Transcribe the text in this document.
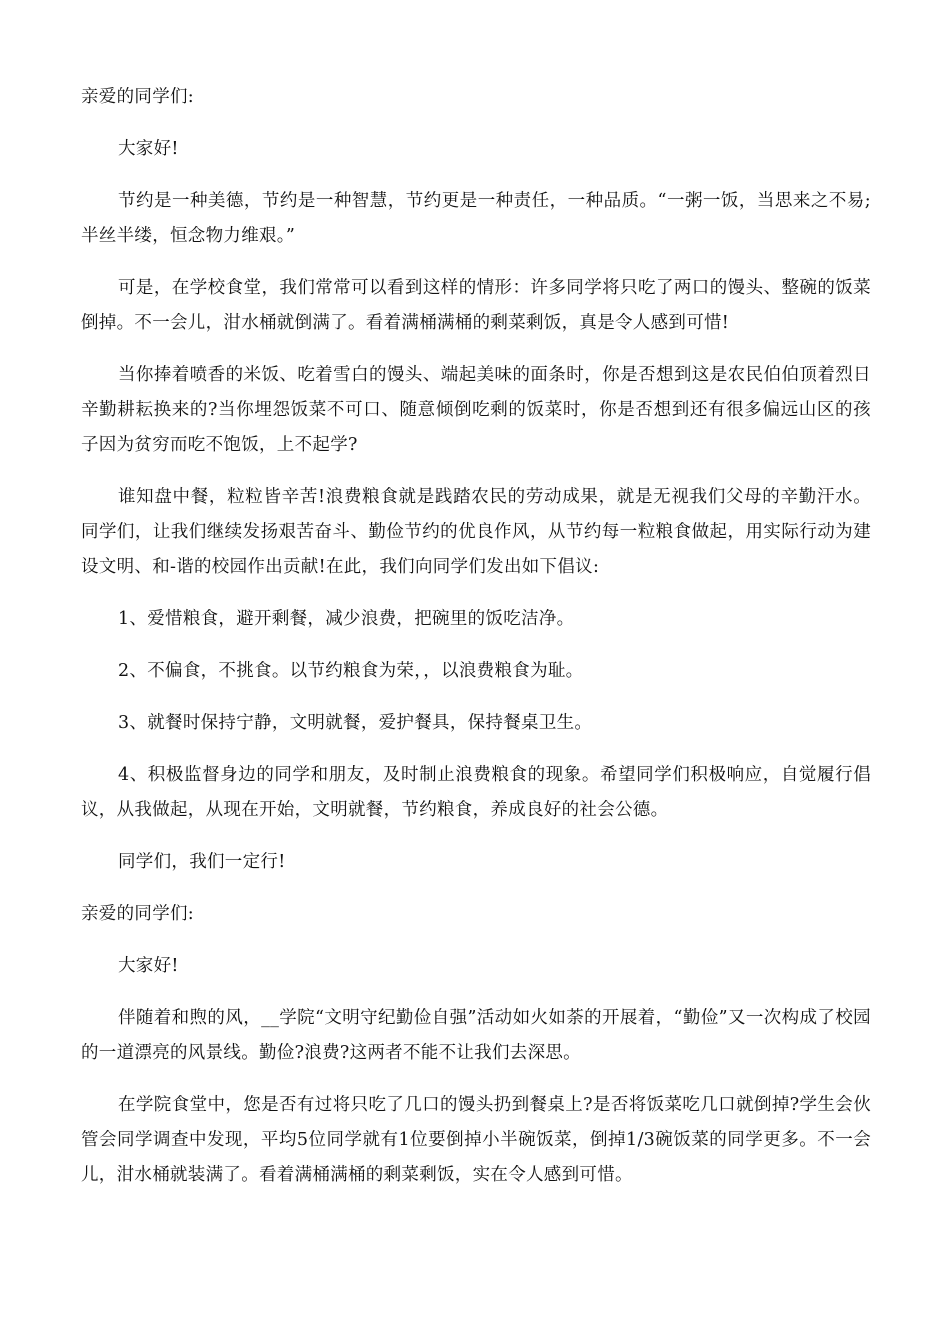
亲爱的同学们:

大家好!

节约是一种美德，节约是一种智慧，节约更是一种责任，一种品质。“一粥一饭，当思来之不易;半丝半缕，恒念物力维艰。”

可是，在学校食堂，我们常常可以看到这样的情形：许多同学将只吃了两口的馒头、整碗的饭菜倒掉。不一会儿，泔水桶就倒满了。看着满桶满桶的剩菜剩饭，真是令人感到可惜!

当你捧着喷香的米饭、吃着雪白的馒头、端起美味的面条时，你是否想到这是农民伯伯顶着烈日辛勤耕耘换来的?当你埋怨饭菜不可口、随意倾倒吃剩的饭菜时，你是否想到还有很多偏远山区的孩子因为贫穷而吃不饱饭，上不起学?

谁知盘中餐，粒粒皆辛苦!浪费粮食就是践踏农民的劳动成果，就是无视我们父母的辛勤汗水。同学们，让我们继续发扬艰苦奋斗、勤俭节约的优良作风，从节约每一粒粮食做起，用实际行动为建设文明、和-谐的校园作出贡献!在此，我们向同学们发出如下倡议:

1、爱惜粮食，避开剩餐，减少浪费，把碗里的饭吃洁净。

2、不偏食，不挑食。以节约粮食为荣，，以浪费粮食为耻。

3、就餐时保持宁静，文明就餐，爱护餐具，保持餐桌卫生。

4、积极监督身边的同学和朋友，及时制止浪费粮食的现象。希望同学们积极响应，自觉履行倡议，从我做起，从现在开始，文明就餐，节约粮食，养成良好的社会公德。

同学们，我们一定行!

亲爱的同学们:

大家好!

伴随着和煦的风，__学院“文明守纪勤俭自强”活动如火如荼的开展着，“勤俭”又一次构成了校园的一道漂亮的风景线。勤俭?浪费?这两者不能不让我们去深思。

在学院食堂中，您是否有过将只吃了几口的馒头扔到餐桌上?是否将饭菜吃几口就倒掉?学生会伙管会同学调查中发现，平均5位同学就有1位要倒掉小半碗饭菜，倒掉1/3碗饭菜的同学更多。不一会儿，泔水桶就装满了。看着满桶满桶的剩菜剩饭，实在令人感到可惜。
